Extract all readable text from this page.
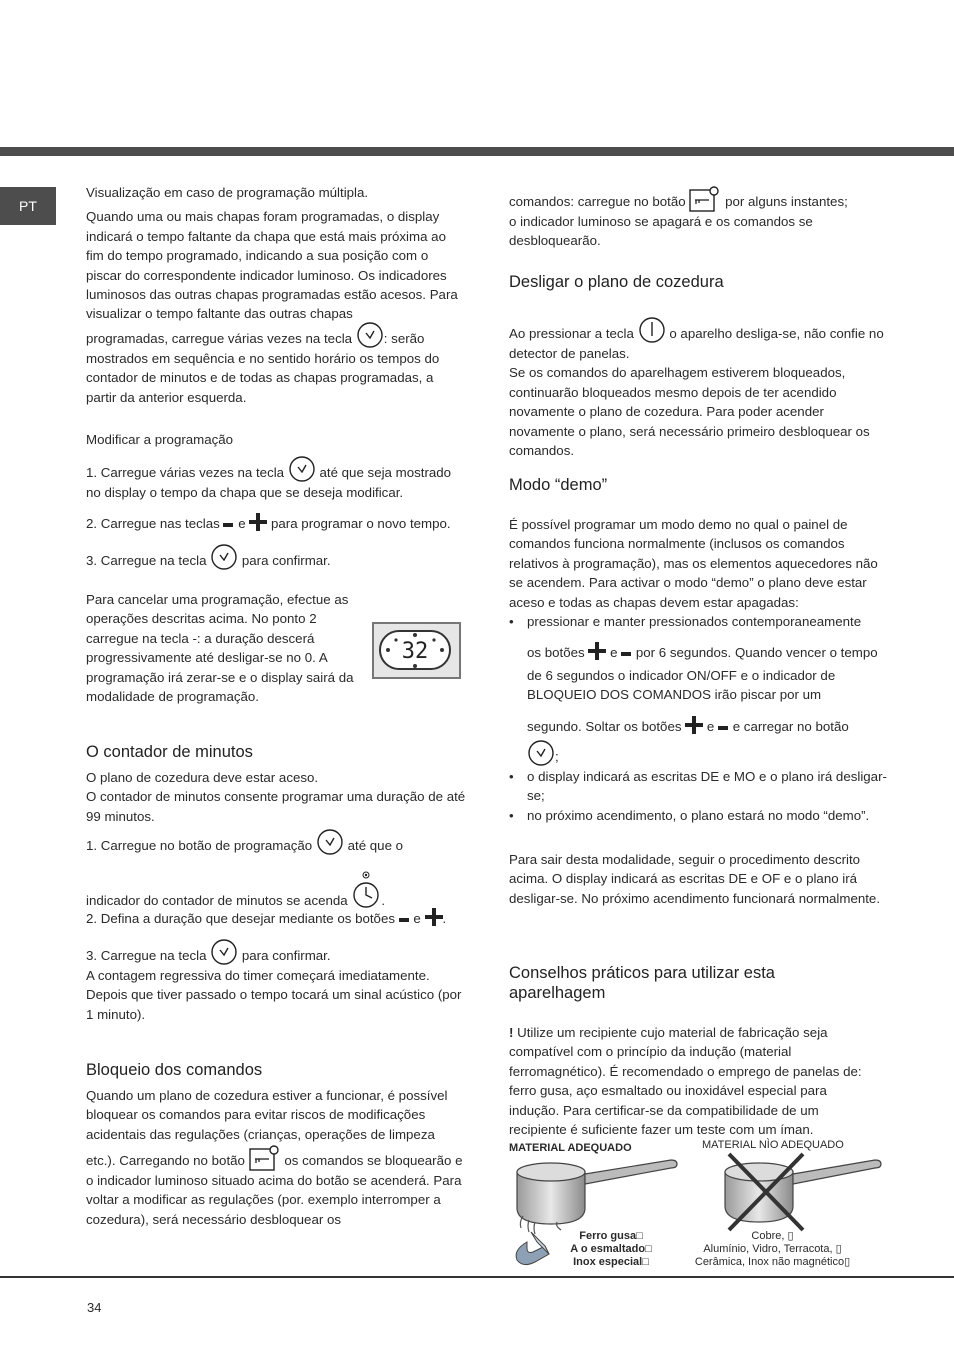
PT

Visualização em caso de programação múltipla.

Quando uma ou mais chapas foram programadas, o display indicará o tempo faltante da chapa que está mais próxima ao fim do tempo programado, indicando a sua posição com o piscar do correspondente indicador luminoso. Os indicadores luminosos das outras chapas programadas estão acesos. Para visualizar o tempo faltante das outras chapas

programadas, carregue várias vezes na tecla : serão mostrados em sequência e no sentido horário os tempos do contador de minutos e de todas as chapas programadas, a partir da anterior esquerda.

Modificar a programação

1. Carregue várias vezes na tecla	até que seja mostrado no display o tempo da chapa que se deseja modificar.

2. Carregue nas teclas e para programar o novo tempo.

3. Carregue na tecla	para confirmar.

Para cancelar uma programação, efectue as operações descritas acima. No ponto 2 carregue na tecla -: a duração descerá progressivamente até desligar-se no 0. A programação irá zerar-se e o display sairá da modalidade de programação.

32
O contador de minutos

O plano de cozedura deve estar aceso.

O contador de minutos consente programar uma duração de até 99 minutos.

1. Carregue no botão de programação	até que o

indicador do contador de minutos se acenda	.

2. Defina a duração que desejar mediante os botões e .

3. Carregue na tecla	para confirmar.

A contagem regressiva do timer começará imediatamente. Depois que tiver passado o tempo tocará um sinal acústico (por 1 minuto).

Bloqueio dos comandos

Quando um plano de cozedura estiver a funcionar, é possível bloquear os comandos para evitar riscos de modificações acidentais das regulações (crianças, operações de limpeza

etc.). Carregando no botão	os comandos se bloquearão e o indicador luminoso situado acima do botão se acenderá. Para voltar a modificar as regulações (por. exemplo interromper a cozedura), será necessário desbloquear os

comandos: carregue no botão	por alguns instantes;

o indicador luminoso se apagará e os comandos se desbloquearão.

Desligar o plano de cozedura

Ao pressionar a tecla	o aparelho desliga-se, não confie no detector de panelas.

Se os comandos do aparelhagem estiverem bloqueados, continuarão bloqueados mesmo depois de ter acendido novamente o plano de cozedura. Para poder acender novamente o plano, será necessário primeiro desbloquear os comandos.

Modo “demo”

É possível programar um modo demo no qual o painel de comandos funciona normalmente (inclusos os comandos relativos à programação), mas os elementos aquecedores não se acendem. Para activar o modo “demo” o plano deve estar aceso e todas as chapas devem estar apagadas:

• pressionar e manter pressionados contemporaneamente
os botões e por 6 segundos. Quando vencer o tempo de 6 segundos o indicador ON/OFF e o indicador de BLOQUEIO DOS COMANDOS irão piscar por um
segundo. Soltar os botões e e carregar no botão

;
• o display indicará as escritas DE e MO e o plano irá desligar-se;
• no próximo acendimento, o plano estará no modo “demo”.

Para sair desta modalidade, seguir o procedimento descrito acima. O display indicará as escritas DE e OF e o plano irá desligar-se. No próximo acendimento funcionará normalmente.

Conselhos práticos para utilizar esta aparelhagem

! Utilize um recipiente cujo material de fabricação seja compatível com o princípio da indução (material ferromagnético). É recomendado o emprego de panelas de: ferro gusa, aço esmaltado ou inoxidável especial para indução. Para certificar-se da compatibilidade de um recipiente é suficiente fazer um teste com um íman.

MATERIAL ADEQUADO	MATERIAL NÌO ADEQUADO
Ferro gusa□
A o esmaltado□
Inox especial□
Cobre, ▯
Alumínio, Vidro, Terracota, ▯
Cerâmica, Inox não magnético▯
34
